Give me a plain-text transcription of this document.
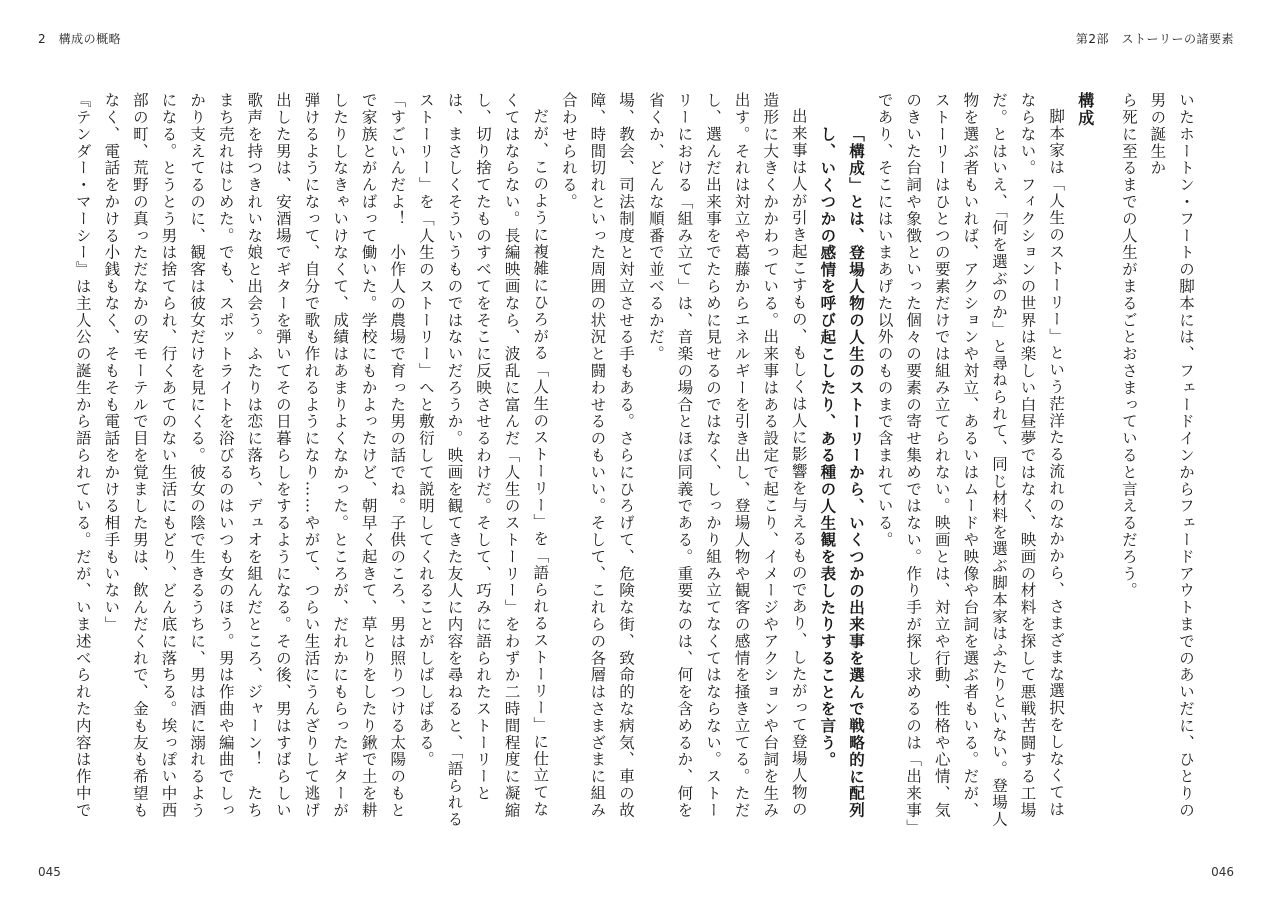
2　構成の概略	第2部　ストーリーの諸要素

いたホートン・フートの脚本には、フェードインからフェードアウトまでのあいだに、ひとりの男の誕生か

ら死に至るまでの人生がまるごとおさまっていると言えるだろう。

構成

脚本家は「人生のストーリー」という茫洋たる流れのなかから、さまざまな選択をしなくてはならない。フィクションの世界は楽しい白昼夢ではなく、映画の材料を探して悪戦苦闘する工場だ。とはいえ、「何を選ぶのか」と尋ねられて、同じ材料を選ぶ脚本家はふたりといない。登場人物を選ぶ者もいれば、アクションや対立、あるいはムードや映像や台詞を選ぶ者もいる。だが、ストーリーはひとつの要素だけでは組み立てられない。映画とは、対立や行動、性格や心情、気のきいた台詞や象徴といった個々の要素の寄せ集めではない。作り手が探し求めるのは「出来事」であり、そこにはいまあげた以外のものまで含まれている。

「構成」とは、登場人物の人生のストーリーから、いくつかの出来事を選んで戦略的に配列し、いくつかの感情を呼び起こしたり、ある種の人生観を表したりすることを言う。

出来事は人が引き起こすもの、もしくは人に影響を与えるものであり、したがって登場人物の造形に大きくかかわっている。出来事はある設定で起こり、イメージやアクションや台詞を生み出す。それは対立や葛藤からエネルギーを引き出し、登場人物や観客の感情を掻き立てる。ただし、選んだ出来事をでたらめに見せるのではなく、しっかり組み立てなくてはならない。ストーリーにおける「組み立て」は、音楽の場合とほぼ同義である。重要なのは、何を含めるか、何を省くか、どんな順番で並べるかだ。

場、教会、司法制度と対立させる手もある。さらにひろげて、危険な街、致命的な病気、車の故障、時間切れといった周囲の状況と闘わせるのもいい。そして、これらの各層はさまざまに組み合わせられる。

だが、このように複雑にひろがる「人生のストーリー」を「語られるストーリー」に仕立てなくてはならない。長編映画なら、波乱に富んだ「人生のストーリー」をわずか二時間程度に凝縮し、切り捨てたものすべてをそこに反映させるわけだ。そして、巧みに語られたストーリーとは、まさしくそういうものではないだろうか。映画を観てきた友人に内容を尋ねると、「語られるストーリー」を「人生のストーリー」へと敷衍して説明してくれることがしばしばある。

「すごいんだよ！　小作人の農場で育った男の話でね。子供のころ、男は照りつける太陽のもとで家族とがんばって働いた。学校にもかよったけど、朝早く起きて、草とりをしたり鍬で土を耕したりしなきゃいけなくて、成績はあまりよくなかった。ところが、だれかにもらったギターが弾けるようになって、自分で歌も作れるようになり……やがて、つらい生活にうんざりして逃げ出した男は、安酒場でギターを弾いてその日暮らしをするようになる。その後、男はすばらしい歌声を持つきれいな娘と出会う。ふたりは恋に落ち、デュオを組んだところ、ジャーン！　たちまち売れはじめた。でも、スポットライトを浴びるのはいつも女のほう。男は作曲や編曲でしっかり支えてるのに、観客は彼女だけを見にくる。彼女の陰で生きるうちに、男は酒に溺れるようになる。とうとう男は捨てられ、行くあてのない生活にもどり、どん底に落ちる。埃っぽい中西部の町、荒野の真っただなかの安モーテルで目を覚ました男は、飲んだくれで、金も友も希望もなく、電話をかける小銭もなく、そもそも電話をかける相手もいない」

『テンダー・マーシー』は主人公の誕生から語られている。だが、いま述べられた内容は作中で

045	046
